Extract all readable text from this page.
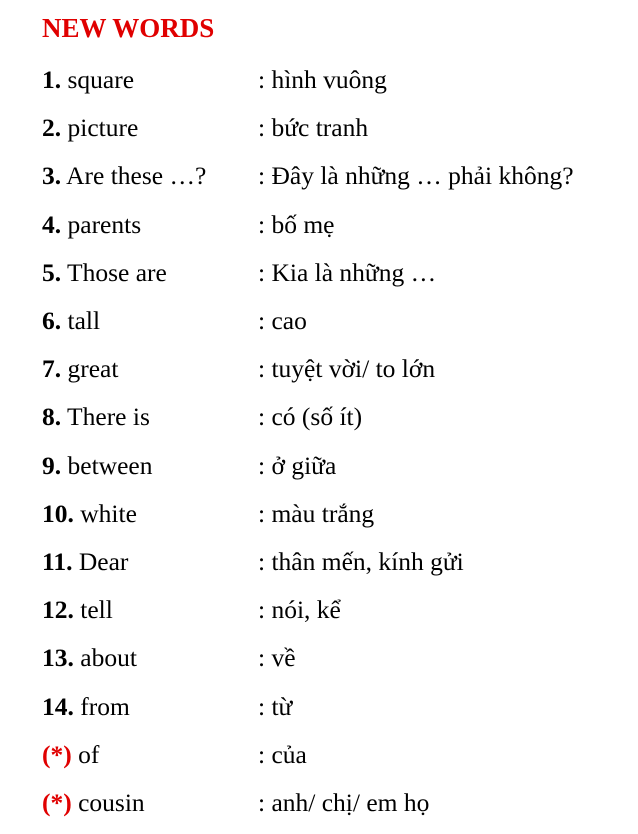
NEW WORDS
1. square	: hình vuông
2. picture	: bức tranh
3. Are these …?	: Đây là những … phải không?
4. parents	: bố mẹ
5. Those are	: Kia là những …
6. tall	: cao
7. great	: tuyệt vời/ to lớn
8. There is	: có (số ít)
9. between	: ở giữa
10. white	: màu trắng
11. Dear	: thân mến, kính gửi
12. tell	: nói, kể
13. about	: về
14. from	: từ
(*) of	: của
(*) cousin	: anh/ chị/ em họ
